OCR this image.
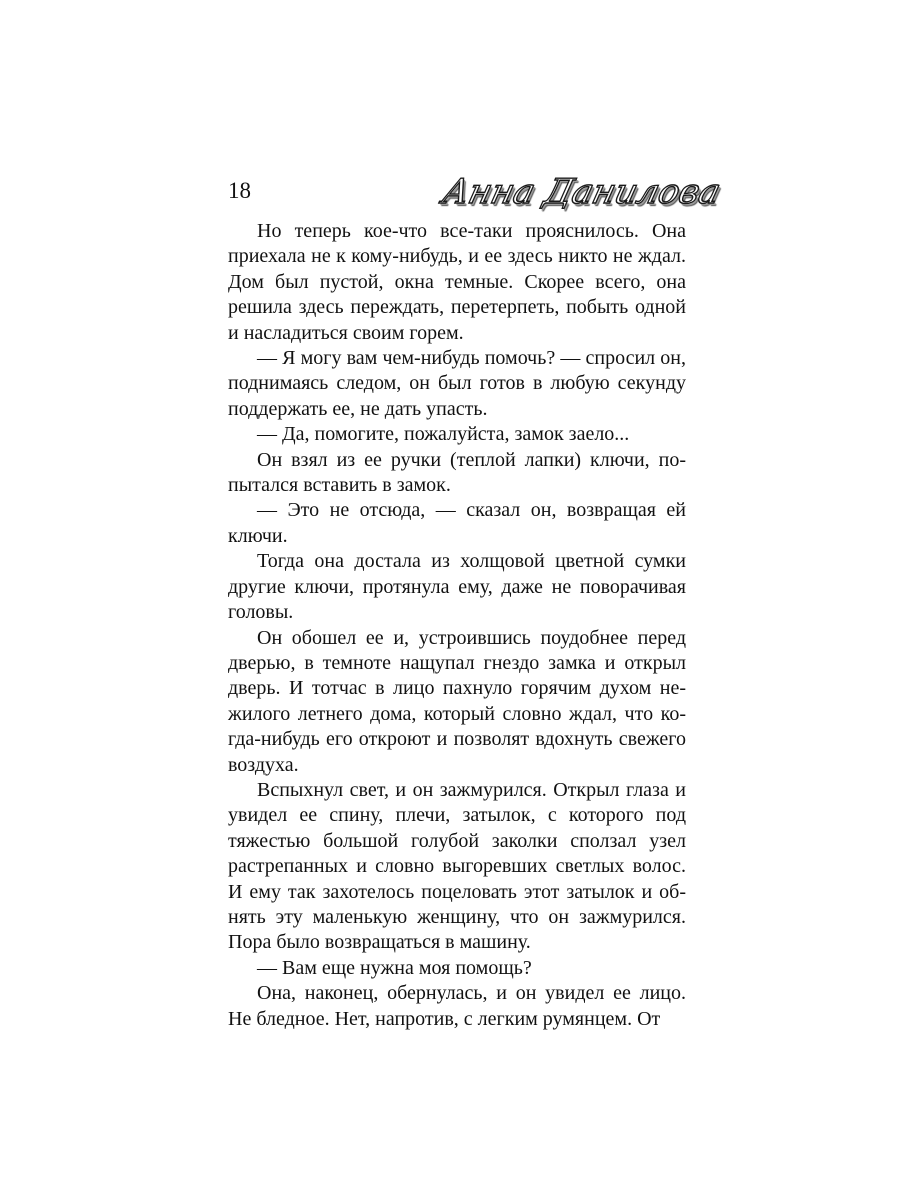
18	Анна Данилова

Но теперь кое-что все-таки прояснилось. Она приехала не к кому-нибудь, и ее здесь никто не ждал. Дом был пустой, окна темные. Скорее всего, она решила здесь переждать, перетерпеть, побыть одной и насладиться своим горем.

— Я могу вам чем-нибудь помочь? — спросил он, поднимаясь следом, он был готов в любую секунду поддержать ее, не дать упасть.

— Да, помогите, пожалуйста, замок заело...

Он взял из ее ручки (теплой лапки) ключи, попытался вставить в замок.

— Это не отсюда, — сказал он, возвращая ей ключи.

Тогда она достала из холщовой цветной сумки другие ключи, протянула ему, даже не поворачивая головы.

Он обошел ее и, устроившись поудобнее перед дверью, в темноте нащупал гнездо замка и открыл дверь. И тотчас в лицо пахнуло горячим духом нежилого летнего дома, который словно ждал, что когда-нибудь его откроют и позволят вдохнуть свежего воздуха.

Вспыхнул свет, и он зажмурился. Открыл глаза и увидел ее спину, плечи, затылок, с которого под тяжестью большой голубой заколки сползал узел растрепанных и словно выгоревших светлых волос. И ему так захотелось поцеловать этот затылок и обнять эту маленькую женщину, что он зажмурился. Пора было возвращаться в машину.

— Вам еще нужна моя помощь?

Она, наконец, обернулась, и он увидел ее лицо. Не бледное. Нет, напротив, с легким румянцем. От
